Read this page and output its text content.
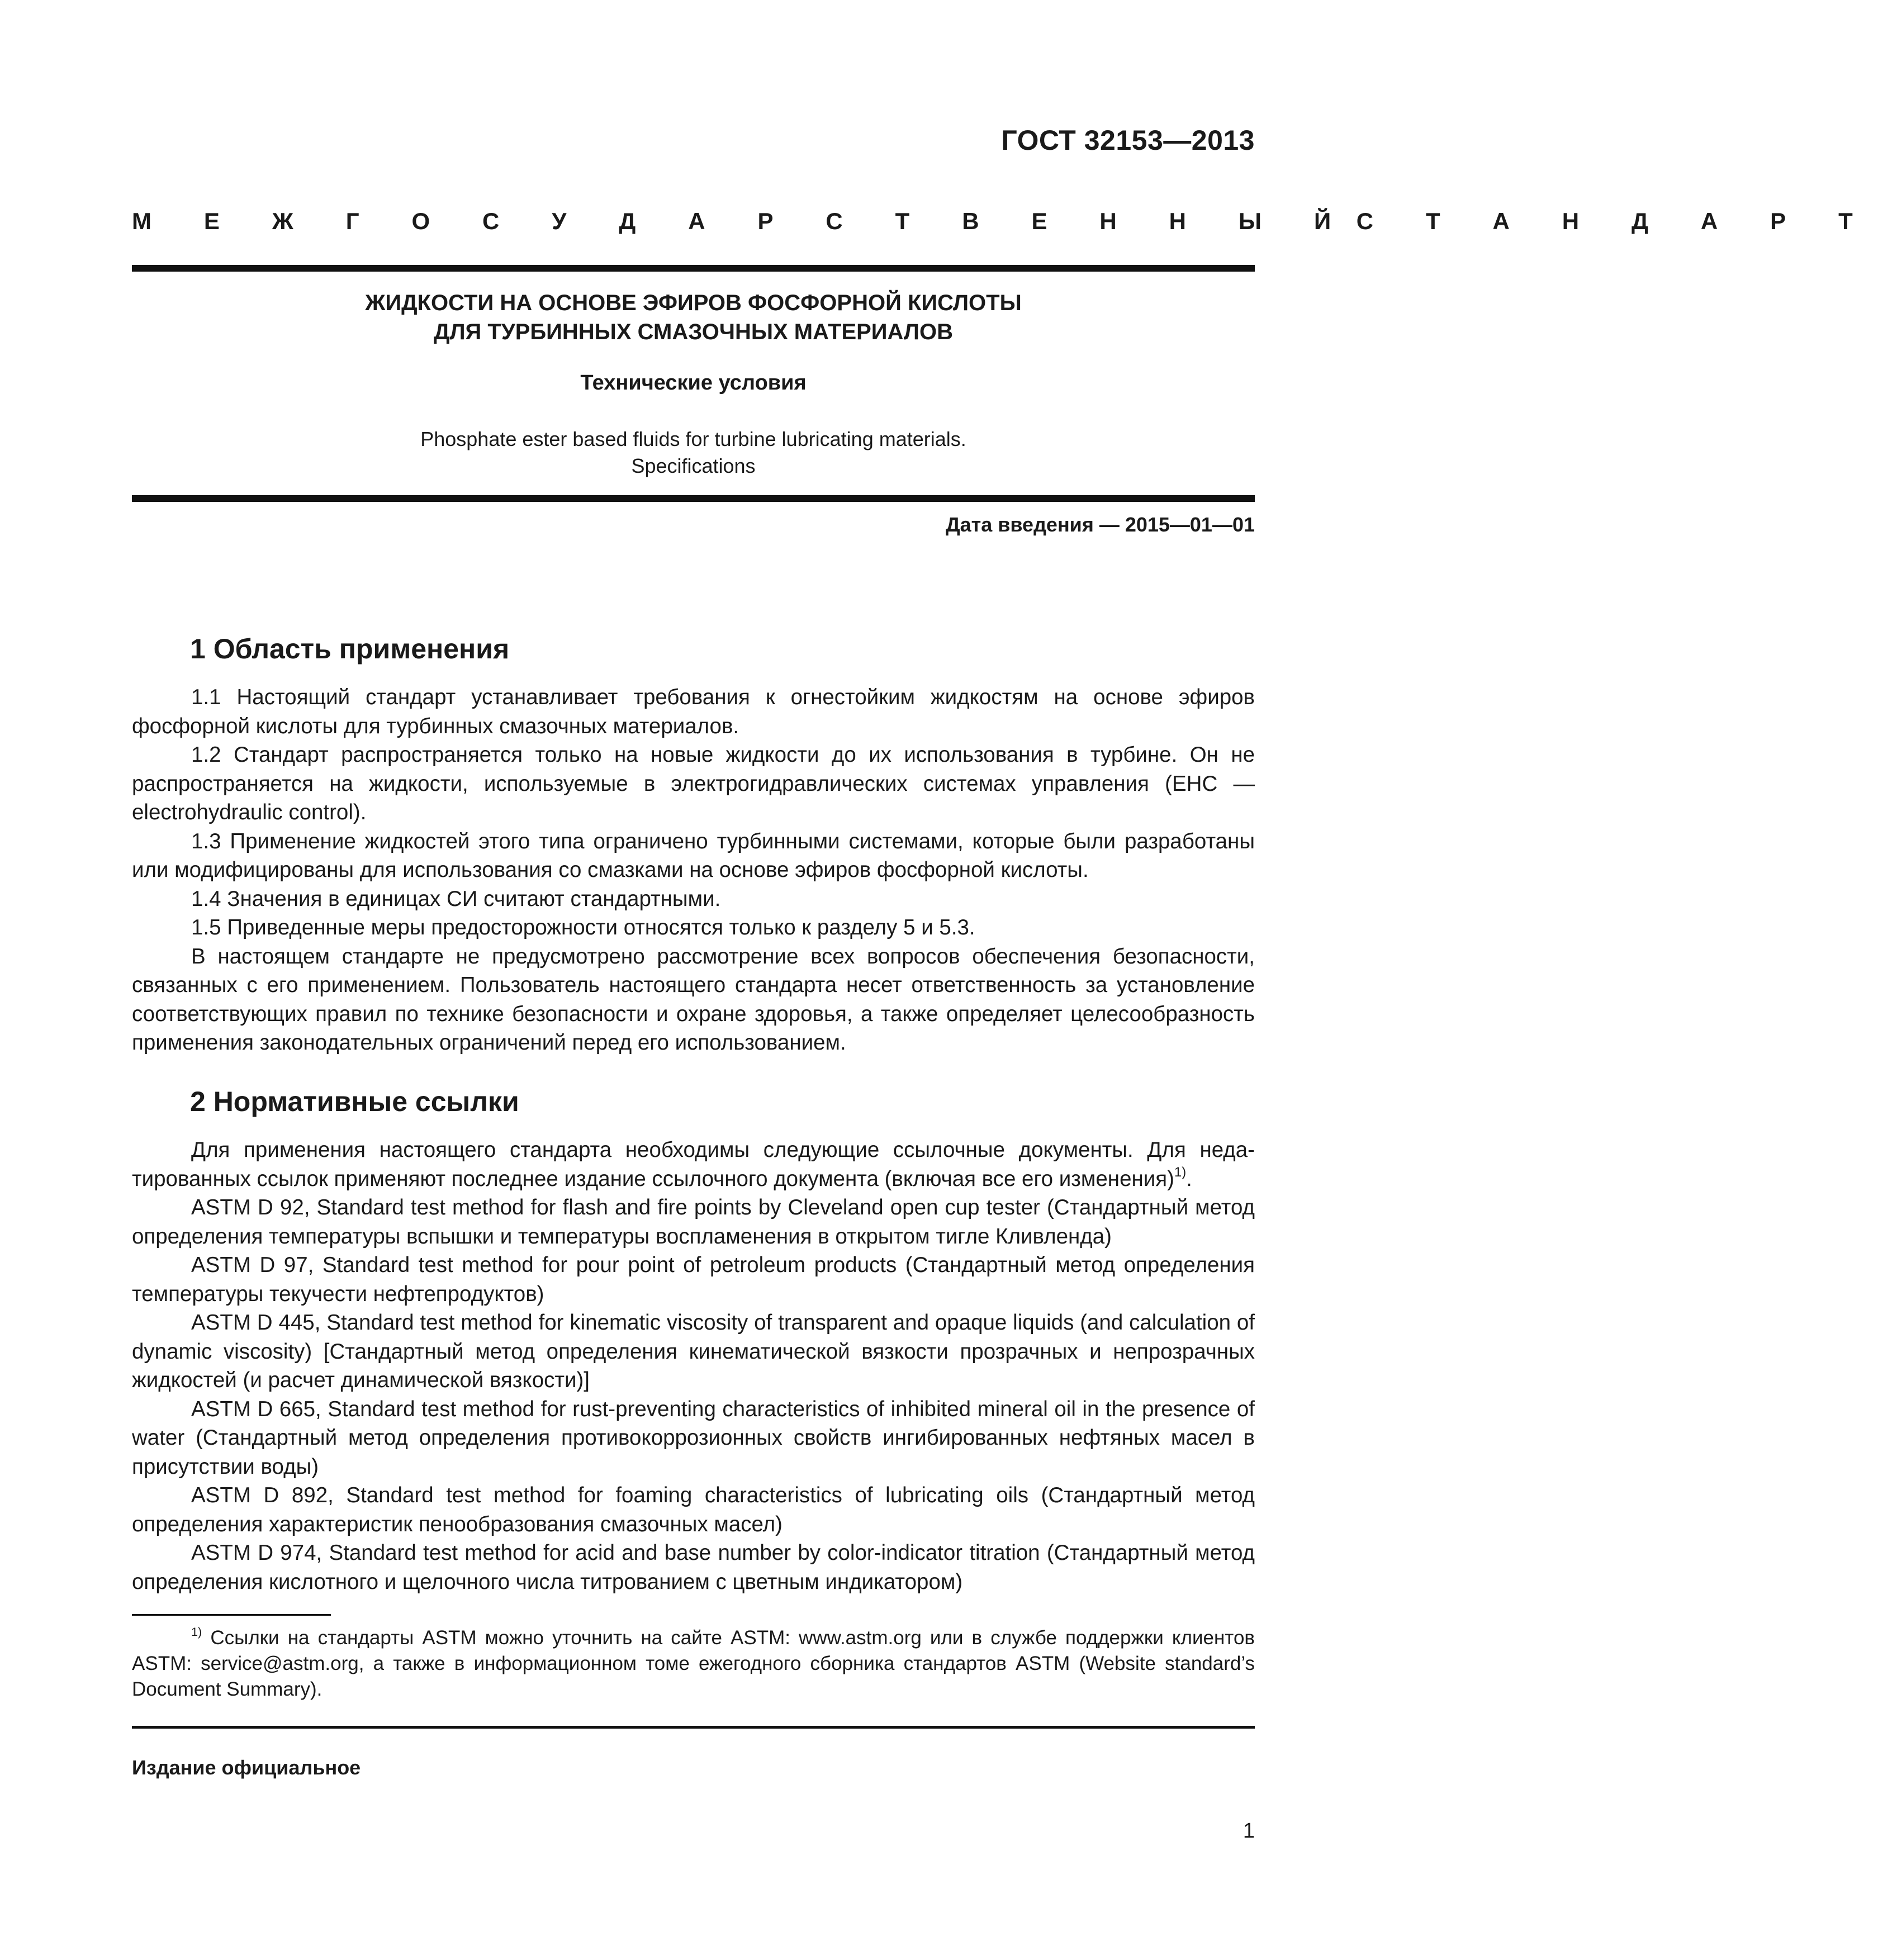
ГОСТ 32153—2013
М Е Ж Г О С У Д А Р С Т В Е Н Н Ы Й С Т А Н Д А Р Т
ЖИДКОСТИ НА ОСНОВЕ ЭФИРОВ ФОСФОРНОЙ КИСЛОТЫ
ДЛЯ ТУРБИННЫХ СМАЗОЧНЫХ МАТЕРИАЛОВ
Технические условия
Phosphate ester based fluids for turbine lubricating materials.
Specifications
Дата введения — 2015—01—01
1 Область применения

1.1 Настоящий стандарт устанавливает требования к огнестойким жидкостям на основе эфиров фосфорной кислоты для турбинных смазочных материалов.

1.2 Стандарт распространяется только на новые жидкости до их использования в турбине. Он не распространяется на жидкости, используемые в электрогидравлических системах управления (EHC — electrohydraulic control).

1.3 Применение жидкостей этого типа ограничено турбинными системами, которые были разработаны или модифицированы для использования со смазками на основе эфиров фосфорной кислоты.

1.4 Значения в единицах СИ считают стандартными.

1.5 Приведенные меры предосторожности относятся только к разделу 5 и 5.3.

В настоящем стандарте не предусмотрено рассмотрение всех вопросов обеспечения безопасности, связанных с его применением. Пользователь настоящего стандарта несет ответственность за установление соответствующих правил по технике безопасности и охране здоровья, а также определяет целесообразность применения законодательных ограничений перед его использованием.

2 Нормативные ссылки

Для применения настоящего стандарта необходимы следующие ссылочные документы. Для недатированных ссылок применяют последнее издание ссылочного документа (включая все его изменения)$^{1)}$.

ASTM D 92, Standard test method for flash and fire points by Cleveland open cup tester (Стандартный метод определения температуры вспышки и температуры воспламенения в открытом тигле Кливленда)

ASTM D 97, Standard test method for pour point of petroleum products (Стандартный метод определения температуры текучести нефтепродуктов)

ASTM D 445, Standard test method for kinematic viscosity of transparent and opaque liquids (and calculation of dynamic viscosity) [Стандартный метод определения кинематической вязкости прозрачных и непрозрачных жидкостей (и расчет динамической вязкости)]

ASTM D 665, Standard test method for rust-preventing characteristics of inhibited mineral oil in the presence of water (Стандартный метод определения противокоррозионных свойств ингибированных нефтяных масел в присутствии воды)

ASTM D 892, Standard test method for foaming characteristics of lubricating oils (Стандартный метод определения характеристик пенообразования смазочных масел)

ASTM D 974, Standard test method for acid and base number by color-indicator titration (Стандартный метод определения кислотного и щелочного числа титрованием с цветным индикатором)

$^{1)}$ Ссылки на стандарты ASTM можно уточнить на сайте ASTM: www.astm.org или в службе поддержки клиентов ASTM: service@astm.org, а также в информационном томе ежегодного сборника стандартов ASTM (Website standard’s Document Summary).
Издание официальное
1
